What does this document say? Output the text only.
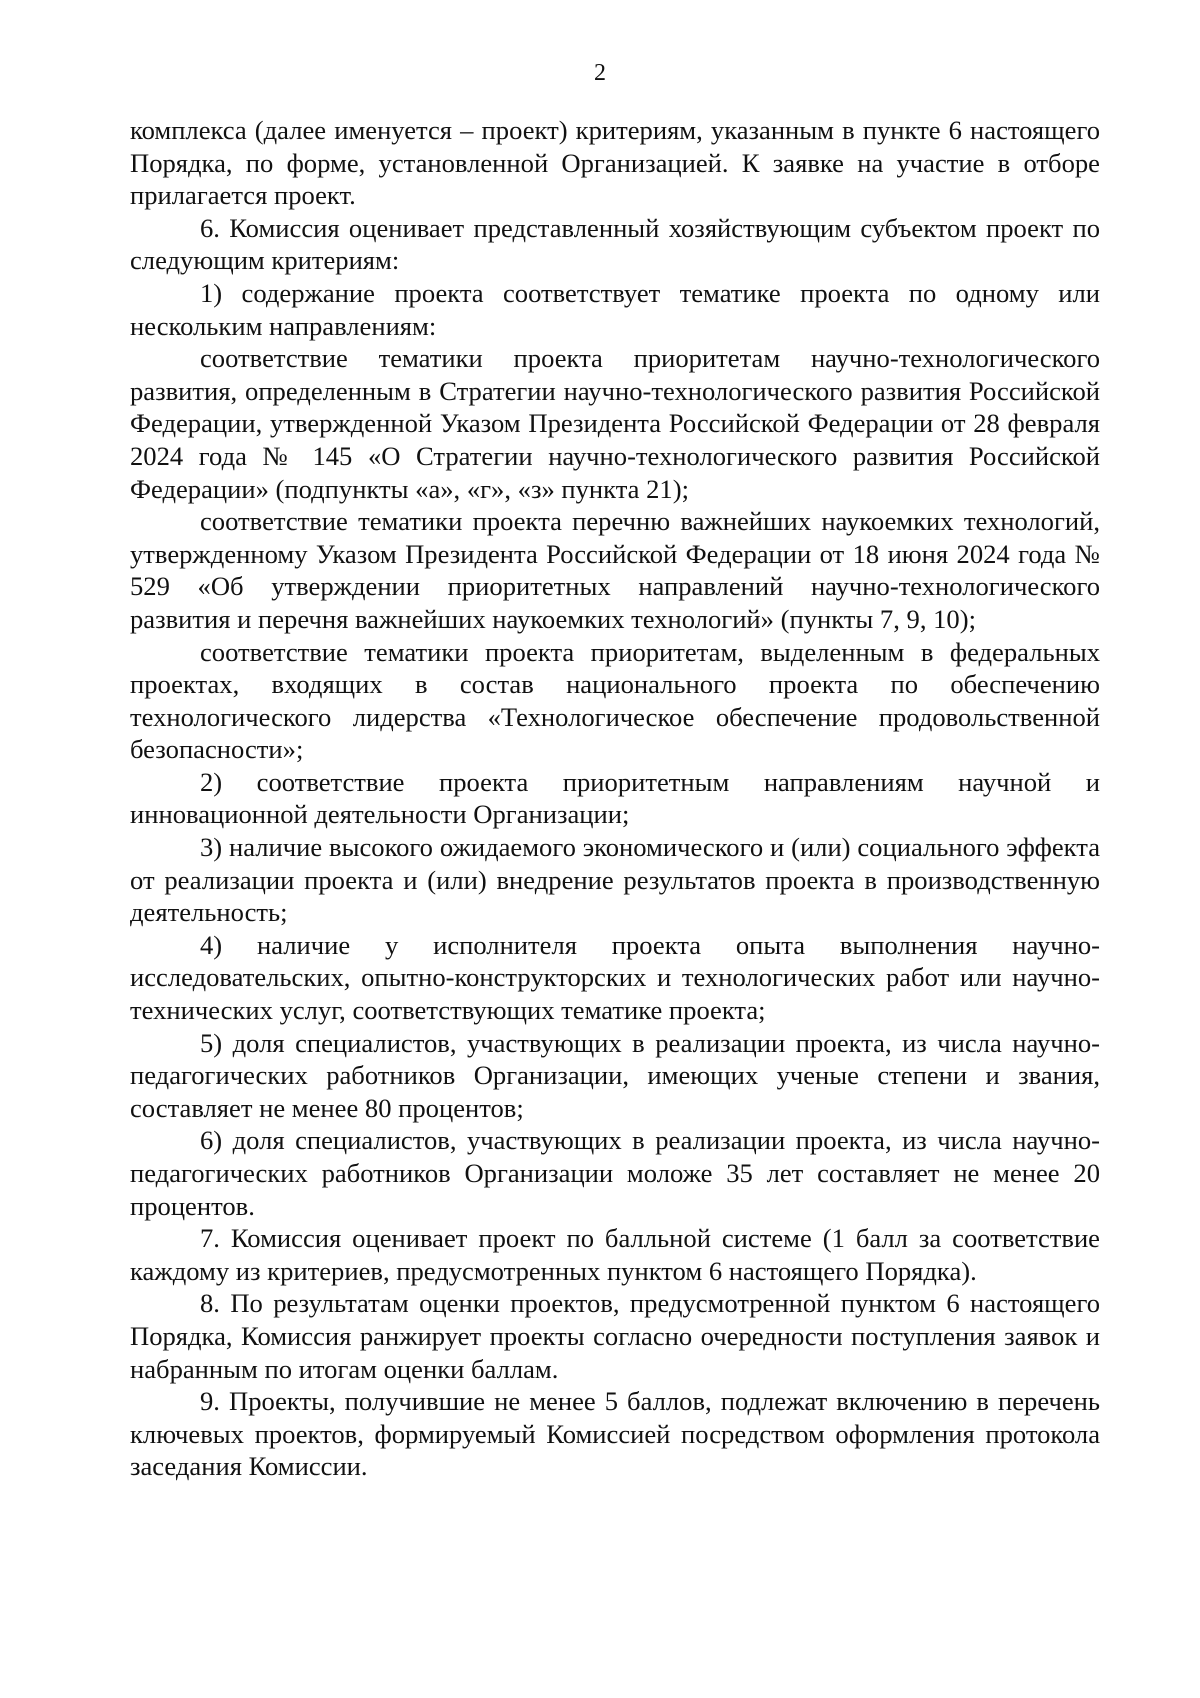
2

комплекса (далее именуется – проект) критериям, указанным в пункте 6 настоящего Порядка, по форме, установленной Организацией. К заявке на участие в отборе прилагается проект.

6. Комиссия оценивает представленный хозяйствующим субъектом проект по следующим критериям:

1) содержание проекта соответствует тематике проекта по одному или нескольким направлениям:

соответствие тематики проекта приоритетам научно-технологического развития, определенным в Стратегии научно-технологического развития Российской Федерации, утвержденной Указом Президента Российской Федерации от 28 февраля 2024 года № 145 «О Стратегии научно-технологического развития Российской Федерации» (подпункты «а», «г», «з» пункта 21);

соответствие тематики проекта перечню важнейших наукоемких технологий, утвержденному Указом Президента Российской Федерации от 18 июня 2024 года № 529 «Об утверждении приоритетных направлений научно-технологического развития и перечня важнейших наукоемких технологий» (пункты 7, 9, 10);

соответствие тематики проекта приоритетам, выделенным в федеральных проектах, входящих в состав национального проекта по обеспечению технологического лидерства «Технологическое обеспечение продовольственной безопасности»;

2) соответствие проекта приоритетным направлениям научной и инновационной деятельности Организации;

3) наличие высокого ожидаемого экономического и (или) социального эффекта от реализации проекта и (или) внедрение результатов проекта в производственную деятельность;

4) наличие у исполнителя проекта опыта выполнения научно-исследовательских, опытно-конструкторских и технологических работ или научно-технических услуг, соответствующих тематике проекта;

5) доля специалистов, участвующих в реализации проекта, из числа научно-педагогических работников Организации, имеющих ученые степени и звания, составляет не менее 80 процентов;

6) доля специалистов, участвующих в реализации проекта, из числа научно-педагогических работников Организации моложе 35 лет составляет не менее 20 процентов.

7. Комиссия оценивает проект по балльной системе (1 балл за соответствие каждому из критериев, предусмотренных пунктом 6 настоящего Порядка).

8. По результатам оценки проектов, предусмотренной пунктом 6 настоящего Порядка, Комиссия ранжирует проекты согласно очередности поступления заявок и набранным по итогам оценки баллам.

9. Проекты, получившие не менее 5 баллов, подлежат включению в перечень ключевых проектов, формируемый Комиссией посредством оформления протокола заседания Комиссии.
